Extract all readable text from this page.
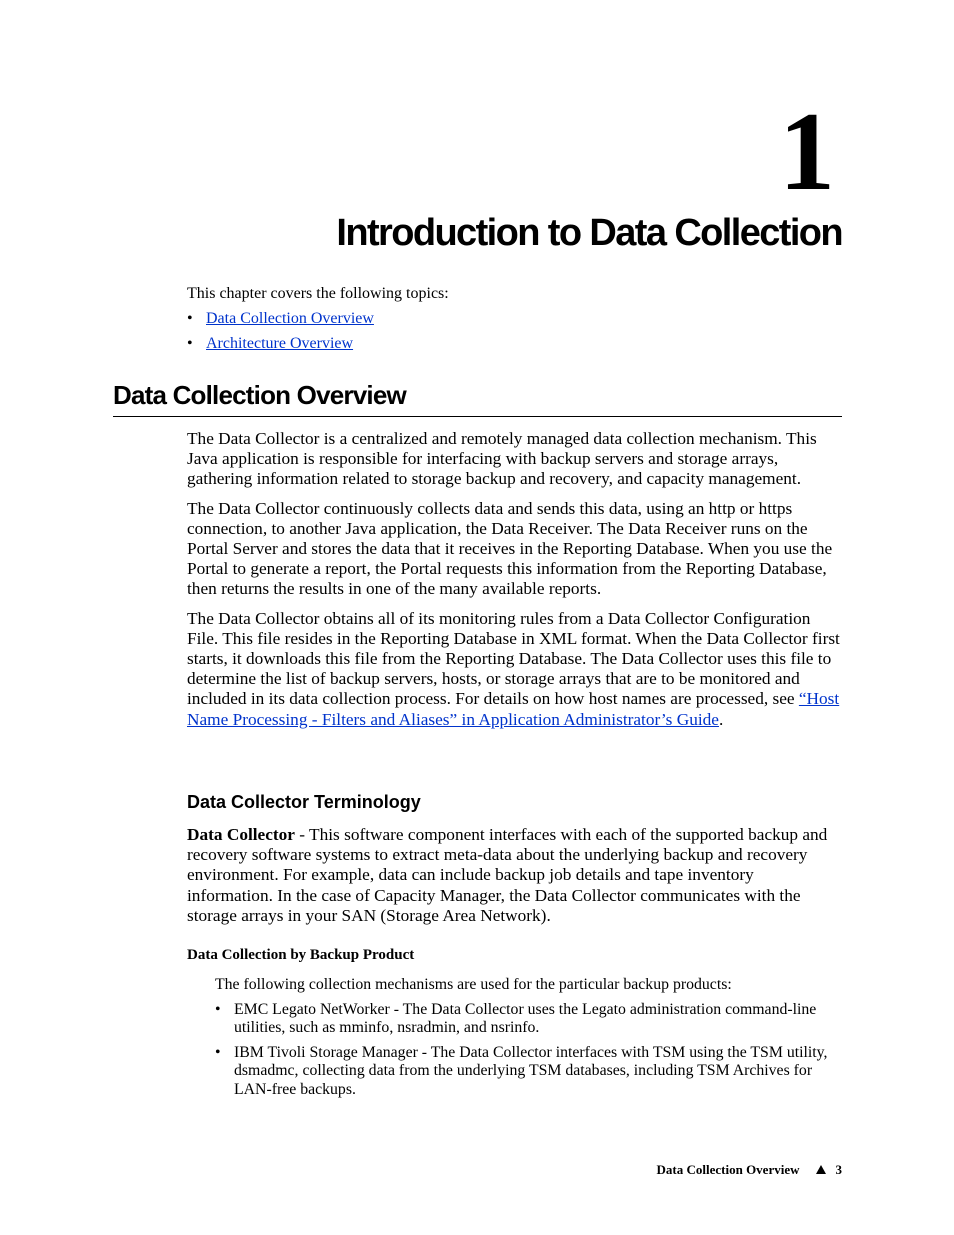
1
Introduction to Data Collection

This chapter covers the following topics:

• Data Collection Overview
• Architecture Overview
Data Collection Overview

The Data Collector is a centralized and remotely managed data collection mechanism. This Java application is responsible for interfacing with backup servers and storage arrays, gathering information related to storage backup and recovery, and capacity management.

The Data Collector continuously collects data and sends this data, using an http or https connection, to another Java application, the Data Receiver. The Data Receiver runs on the Portal Server and stores the data that it receives in the Reporting Database. When you use the Portal to generate a report, the Portal requests this information from the Reporting Database, then returns the results in one of the many available reports.

The Data Collector obtains all of its monitoring rules from a Data Collector Configuration File. This file resides in the Reporting Database in XML format. When the Data Collector first starts, it downloads this file from the Reporting Database. The Data Collector uses this file to determine the list of backup servers, hosts, or storage arrays that are to be monitored and included in its data collection process. For details on how host names are processed, see “Host Name Processing - Filters and Aliases” in Application Administrator’s Guide.

Data Collector Terminology

Data Collector - This software component interfaces with each of the supported backup and recovery software systems to extract meta-data about the underlying backup and recovery environment. For example, data can include backup job details and tape inventory information. In the case of Capacity Manager, the Data Collector communicates with the storage arrays in your SAN (Storage Area Network).

Data Collection by Backup Product

The following collection mechanisms are used for the particular backup products:

• EMC Legato NetWorker - The Data Collector uses the Legato administration command-line utilities, such as mminfo, nsradmin, and nsrinfo.
• IBM Tivoli Storage Manager - The Data Collector interfaces with TSM using the TSM utility, dsmadmc, collecting data from the underlying TSM databases, including TSM Archives for LAN-free backups.
Data Collection Overview	3
